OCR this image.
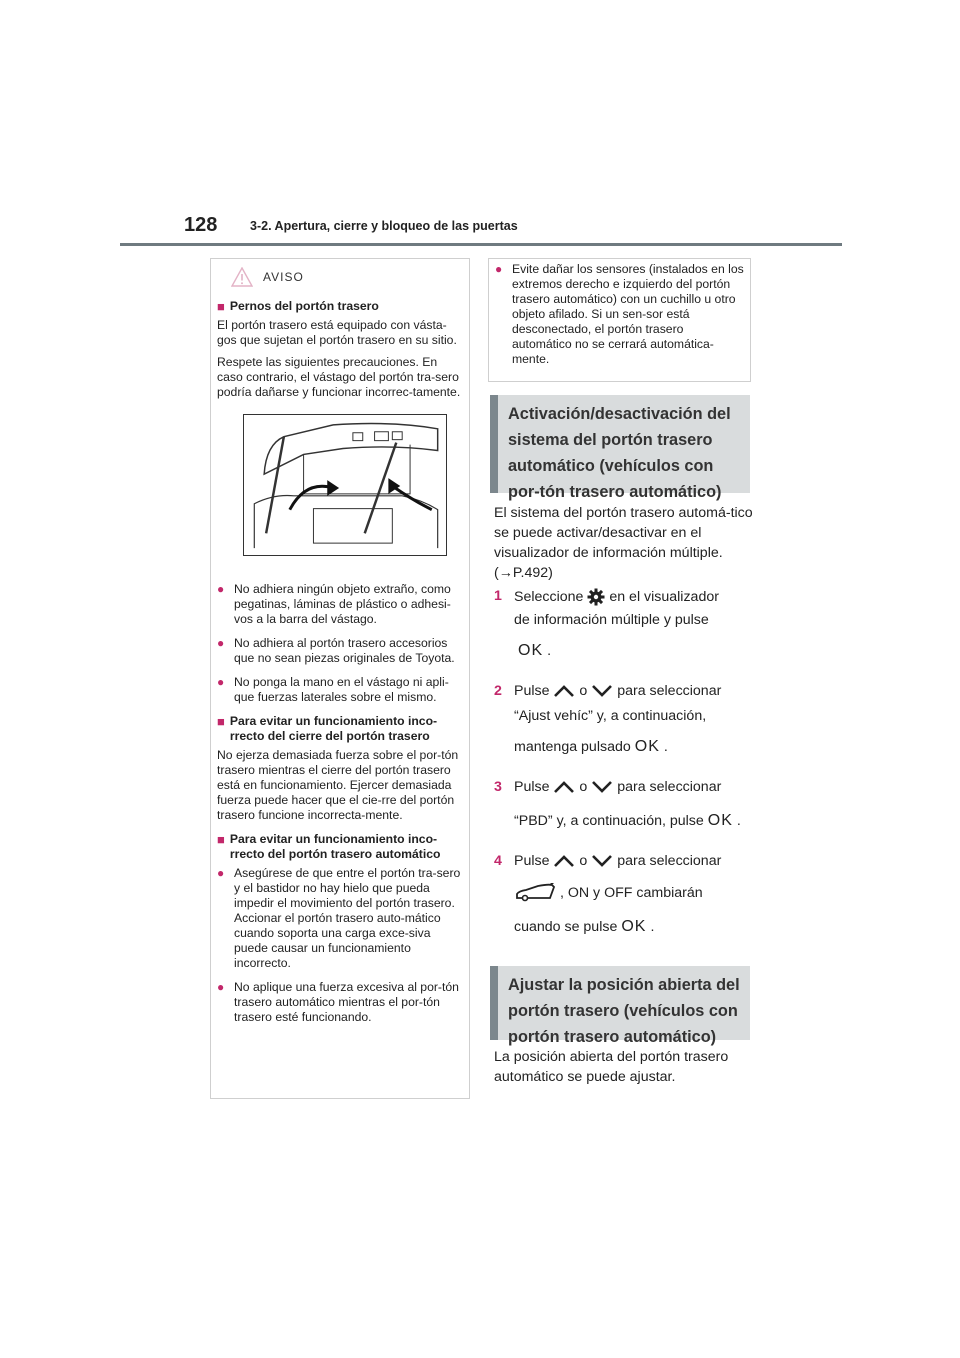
128	3-2. Apertura, cierre y bloqueo de las puertas
AVISO
■ Pernos del portón trasero

El portón trasero está equipado con vásta-gos que sujetan el portón trasero en su sitio.

Respete las siguientes precauciones. En caso contrario, el vástago del portón tra-sero podría dañarse y funcionar incorrec-tamente.

● No adhiera ningún objeto extraño, como pegatinas, láminas de plástico o adhesi-vos a la barra del vástago.
● No adhiera al portón trasero accesorios que no sean piezas originales de Toyota.
● No ponga la mano en el vástago ni apli-que fuerzas laterales sobre el mismo.
■ Para evitar un funcionamiento inco-rrecto del cierre del portón trasero

No ejerza demasiada fuerza sobre el por-tón trasero mientras el cierre del portón trasero está en funcionamiento. Ejercer demasiada fuerza puede hacer que el cie-rre del portón trasero funcione incorrecta-mente.

■ Para evitar un funcionamiento inco-rrecto del portón trasero automático
● Asegúrese de que entre el portón tra-sero y el bastidor no hay hielo que pueda impedir el movimiento del portón trasero. Accionar el portón trasero auto-mático cuando soporta una carga exce-siva puede causar un funcionamiento incorrecto.
● No aplique una fuerza excesiva al por-tón trasero automático mientras el por-tón trasero esté funcionando.
● Evite dañar los sensores (instalados en los extremos derecho e izquierdo del portón trasero automático) con un cuchillo u otro objeto afilado. Si un sen-sor está desconectado, el portón trasero automático no se cerrará automática-mente.
Activación/desactivación del sistema del portón trasero automático (vehículos con por-tón trasero automático)
El sistema del portón trasero automá-tico se puede activar/desactivar en el visualizador de información múltiple.
(→P.492)
1 Seleccione en el visualizador
de información múltiple y pulse
OK .
2 Pulse o para seleccionar
“Ajust vehíc” y, a continuación,
mantenga pulsado OK .
3 Pulse o para seleccionar
“PBD” y, a continuación, pulse OK .
4 Pulse o para seleccionar
, ON y OFF cambiarán
cuando se pulse OK .
Ajustar la posición abierta del portón trasero (vehículos con portón trasero automático)
La posición abierta del portón trasero automático se puede ajustar.
